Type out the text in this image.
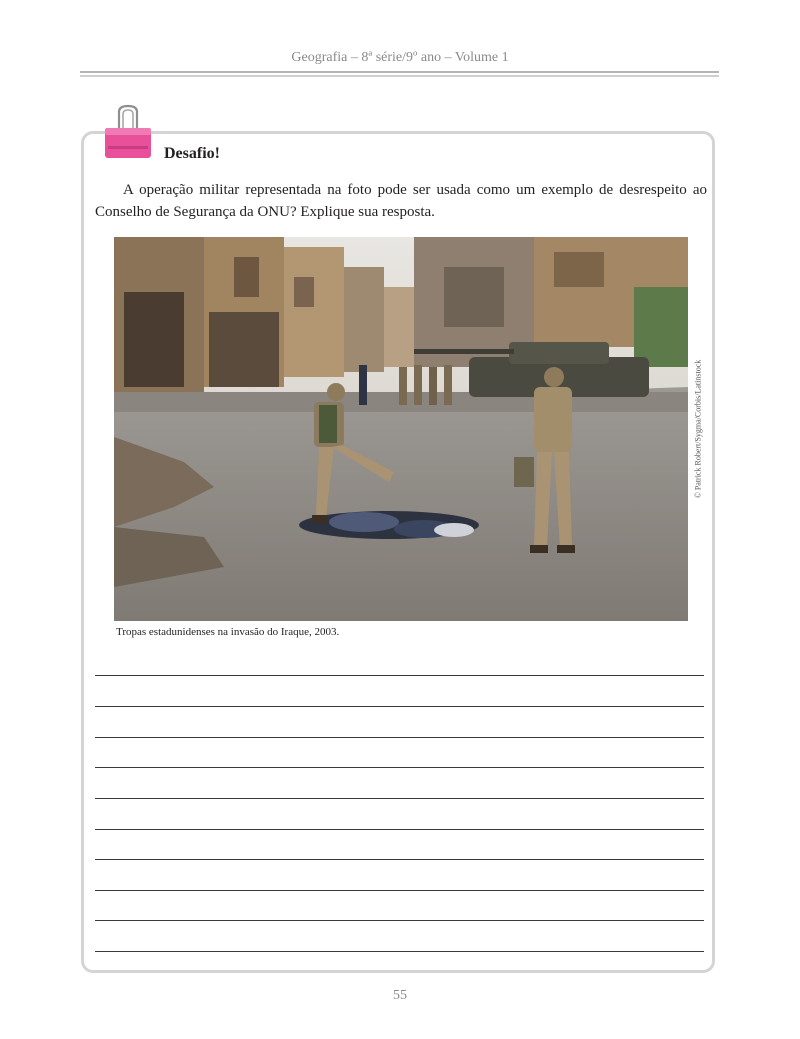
Geografia – 8ª série/9º ano – Volume 1
Desafio!
A operação militar representada na foto pode ser usada como um exemplo de desrespeito ao Conselho de Segurança da ONU? Explique sua resposta.
© Patrick Robert/Sygma/Corbis/Latinstock
Tropas estadunidenses na invasão do Iraque, 2003.
55
